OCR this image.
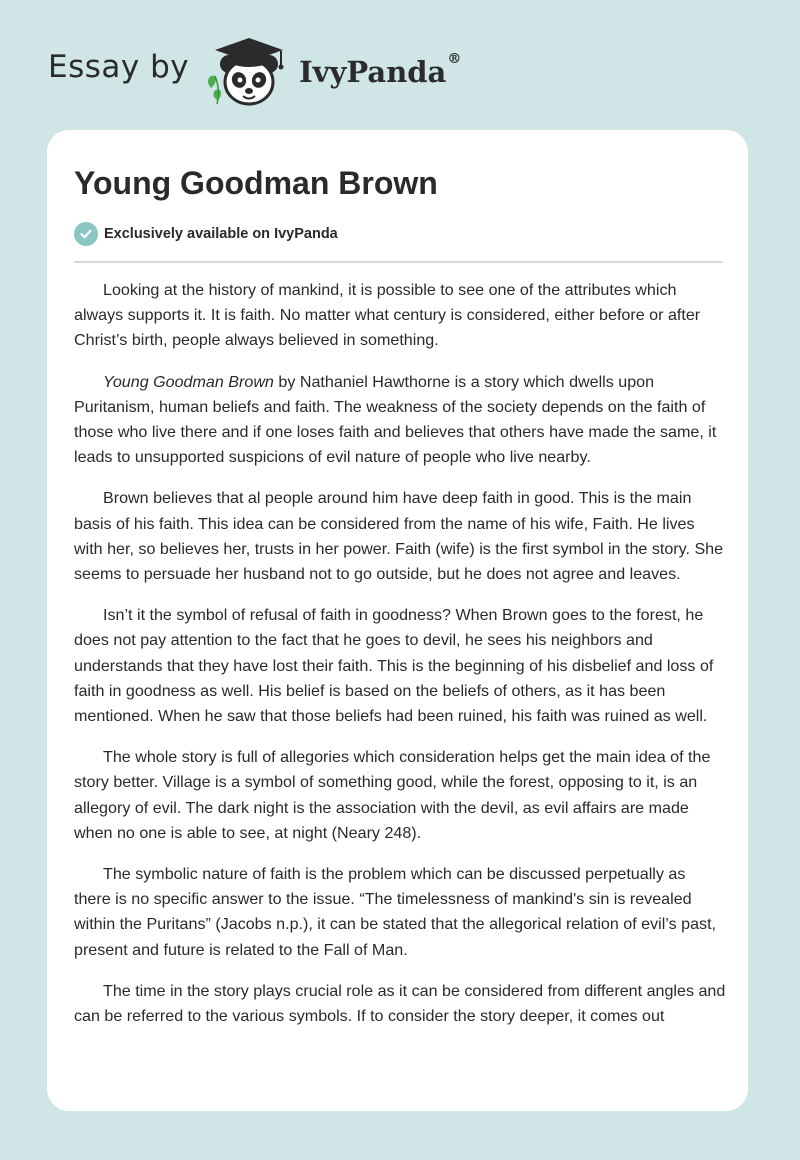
Essay by	IvyPanda®
Young Goodman Brown
Exclusively available on IvyPanda

Looking at the history of mankind, it is possible to see one of the attributes which always supports it. It is faith. No matter what century is considered, either before or after Christ’s birth, people always believed in something.

Young Goodman Brown by Nathaniel Hawthorne is a story which dwells upon Puritanism, human beliefs and faith. The weakness of the society depends on the faith of those who live there and if one loses faith and believes that others have made the same, it leads to unsupported suspicions of evil nature of people who live nearby.

Brown believes that al people around him have deep faith in good. This is the main basis of his faith. This idea can be considered from the name of his wife, Faith. He lives with her, so believes her, trusts in her power. Faith (wife) is the first symbol in the story. She seems to persuade her husband not to go outside, but he does not agree and leaves.

Isn’t it the symbol of refusal of faith in goodness? When Brown goes to the forest, he does not pay attention to the fact that he goes to devil, he sees his neighbors and understands that they have lost their faith. This is the beginning of his disbelief and loss of faith in goodness as well. His belief is based on the beliefs of others, as it has been mentioned. When he saw that those beliefs had been ruined, his faith was ruined as well.

The whole story is full of allegories which consideration helps get the main idea of the story better. Village is a symbol of something good, while the forest, opposing to it, is an allegory of evil. The dark night is the association with the devil, as evil affairs are made when no one is able to see, at night (Neary 248).

The symbolic nature of faith is the problem which can be discussed perpetually as there is no specific answer to the issue. “The timelessness of mankind's sin is revealed within the Puritans” (Jacobs n.p.), it can be stated that the allegorical relation of evil’s past, present and future is related to the Fall of Man.

The time in the story plays crucial role as it can be considered from different angles and can be referred to the various symbols. If to consider the story deeper, it comes out
